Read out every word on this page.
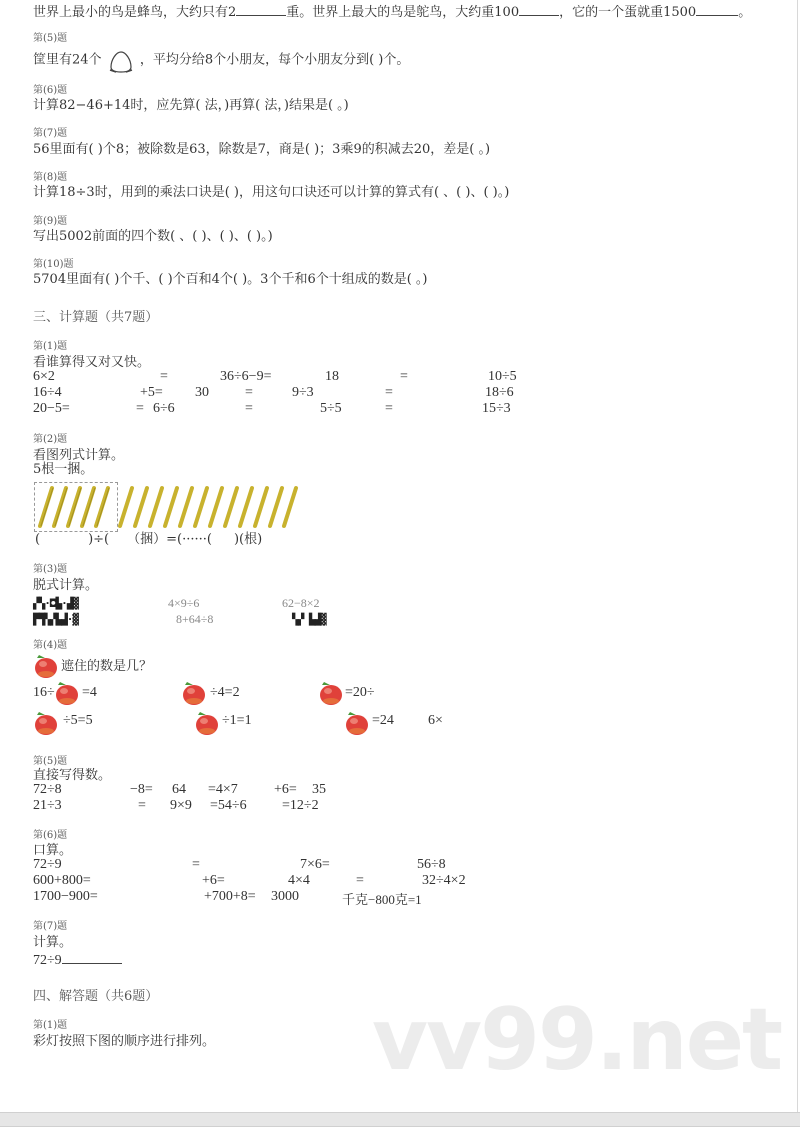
世界上最小的鸟是蜂鸟，大约只有2	重。世界上最大的鸟是鸵鸟，大约重100	，它的一个蛋就重1500	。
第(5)题
筐里有24个	，平均分给8个小朋友，每个小朋友分到( )个。
第(6)题
计算82−46+14时，应先算( 法，)再算( 法，)结果是( 。)
第(7)题
56里面有( )个8；被除数是63，除数是7，商是( )；3乘9的积减去20，差是( 。)
第(8)题
计算18÷3时，用到的乘法口诀是( )，用这句口诀还可以计算的算式有( 、( )、( )。)
第(9)题
写出5002前面的四个数( 、( )、( )、( )。)
第(10)题
5704里面有( )个千、( )个百和4个( )。3个千和6个十组成的数是( 。)
三、计算题（共7题）
第(1)题
看谁算得又对又快。
6×2	=	36÷6−9=	18	=	10÷5
16÷4	+5= 30	=	9÷3	=	18÷6
20−5=	= 6÷6	=	5÷5	=	15÷3
第(2)题
看图列式计算。
5根一捆。
(	)÷( （捆）=(······( )(根)
第(3)题
脱式计算。
▞▚·◘▙·▟▓	4×9÷6	62−8×2
▛▜▚▞▙▟·▓	8+64÷8	▚▞ ▙▟▓
第(4)题
遮住的数是几？
16÷ =4	÷4=2	=20÷
÷5=5	÷1=1	=24 6×
第(5)题
直接写得数。
72÷8	−8= 64 =4×7	+6= 35
21÷3	= 9×9 =54÷6	=12÷2
第(6)题
口算。
72÷9	=	7×6=	56÷8
600+800=	+6=	4×4	=	32÷4×2
1700−900=	+700+8= 3000	千克−800克=1
第(7)题
计算。
72÷9
四、解答题（共6题）
第(1)题
彩灯按照下图的顺序进行排列。 vv99.net
